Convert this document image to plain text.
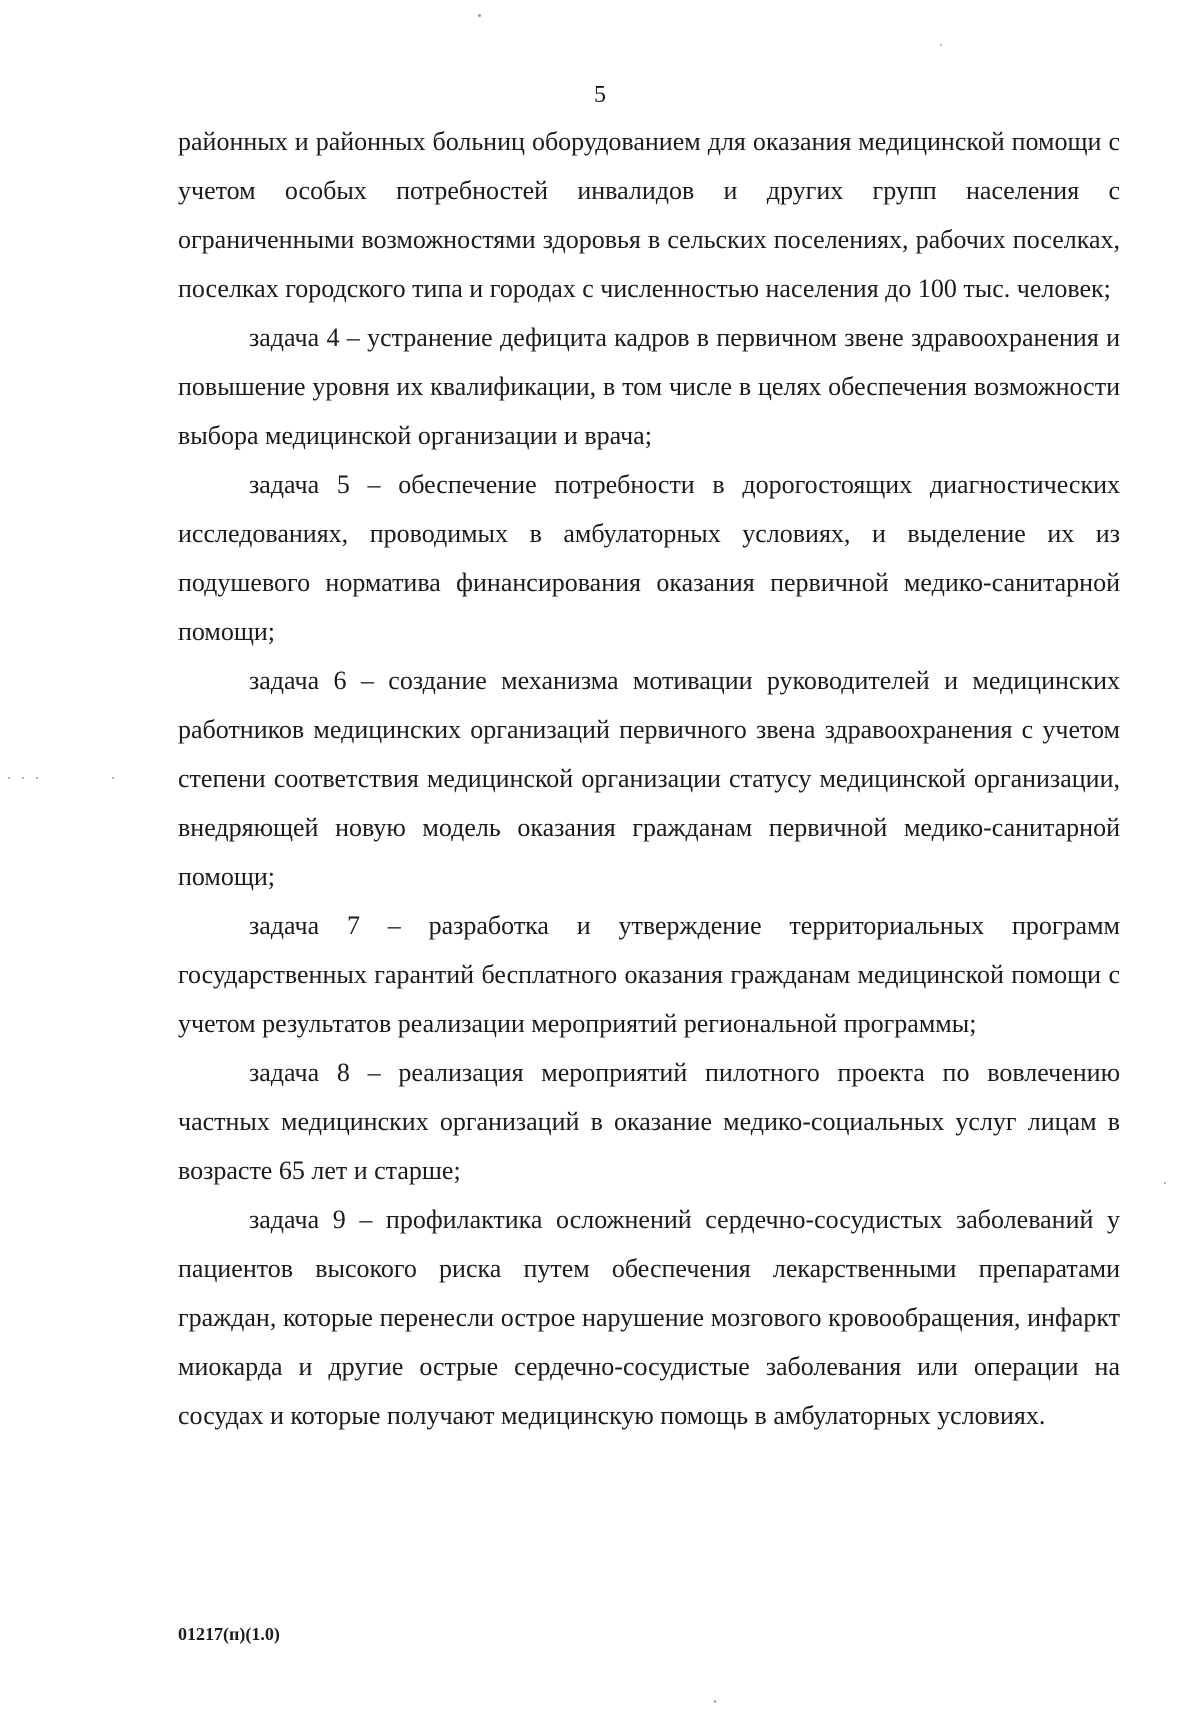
5

районных и районных больниц оборудованием для оказания медицинской помощи с учетом особых потребностей инвалидов и других групп населения с ограниченными возможностями здоровья в сельских поселениях, рабочих поселках, поселках городского типа и городах с численностью населения до 100 тыс. человек;

задача 4 – устранение дефицита кадров в первичном звене здравоохранения и повышение уровня их квалификации, в том числе в целях обеспечения возможности выбора медицинской организации и врача;

задача 5 – обеспечение потребности в дорогостоящих диагностических исследованиях, проводимых в амбулаторных условиях, и выделение их из подушевого норматива финансирования оказания первичной медико-санитарной помощи;

задача 6 – создание механизма мотивации руководителей и медицинских работников медицинских организаций первичного звена здравоохранения с учетом степени соответствия медицинской организации статусу медицинской организации, внедряющей новую модель оказания гражданам первичной медико-санитарной помощи;

задача 7 – разработка и утверждение территориальных программ государственных гарантий бесплатного оказания гражданам медицинской помощи с учетом результатов реализации мероприятий региональной программы;

задача 8 – реализация мероприятий пилотного проекта по вовлечению частных медицинских организаций в оказание медико-социальных услуг лицам в возрасте 65 лет и старше;

задача 9 – профилактика осложнений сердечно-сосудистых заболеваний у пациентов высокого риска путем обеспечения лекарственными препаратами граждан, которые перенесли острое нарушение мозгового кровообращения, инфаркт миокарда и другие острые сердечно-сосудистые заболевания или операции на сосудах и которые получают медицинскую помощь в амбулаторных условиях.

01217(п)(1.0)
